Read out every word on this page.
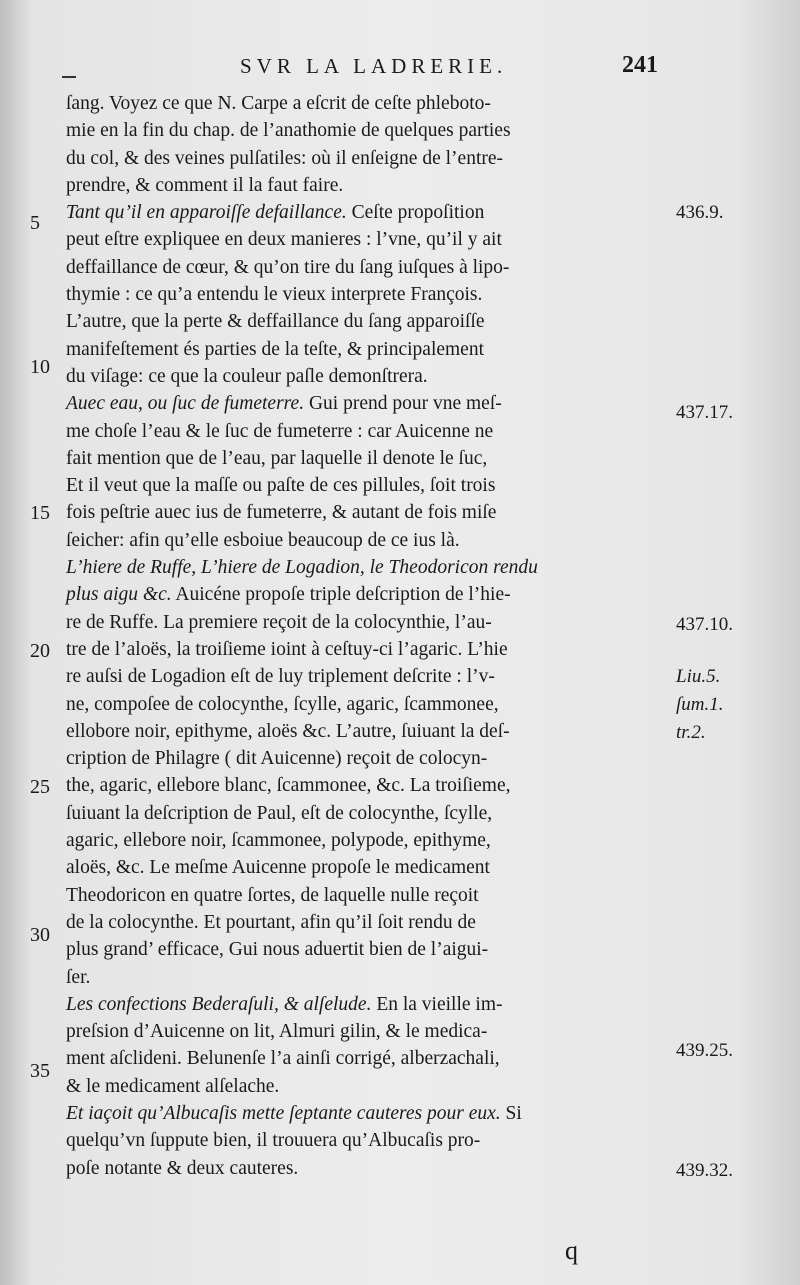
SVR LA LADRERIE.	241
ſang. Voyez ce que N. Carpe a eſcrit de ceſte phleboto-
mie en la fin du chap. de l’anathomie de quelques parties
du col, & des veines pulſatiles: où il enſeigne de l’entre-
prendre, & comment il la faut faire.
Tant qu’il en apparoiſſe defaillance. Ceſte propoſition
peut eſtre expliquee en deux manieres : l’vne, qu’il y ait
deffaillance de cœur, & qu’on tire du ſang iuſques à lipo-
thymie : ce qu’a entendu le vieux interprete François.
L’autre, que la perte & deffaillance du ſang apparoiſſe
manifeſtement és parties de la teſte, & principalement
du viſage: ce que la couleur paſle demonſtrera.
Auec eau, ou ſuc de fumeterre. Gui prend pour vne meſ-
me choſe l’eau & le ſuc de fumeterre : car Auicenne ne
fait mention que de l’eau, par laquelle il denote le ſuc,
Et il veut que la maſſe ou paſte de ces pillules, ſoit trois
fois peſtrie auec ius de fumeterre, & autant de fois miſe
ſeicher: afin qu’elle esboiue beaucoup de ce ius là.
L’hiere de Ruffe, L’hiere de Logadion, le Theodoricon rendu
plus aigu &c. Auicéne propoſe triple deſcription de l’hie-
re de Ruffe. La premiere reçoit de la colocynthie, l’au-
tre de l’aloës, la troiſieme ioint à ceſtuy-ci l’agaric. L’hie
re auſsi de Logadion eſt de luy triplement deſcrite : l’v-
ne, compoſee de colocynthe, ſcylle, agaric, ſcammonee,
ellobore noir, epithyme, aloës &c. L’autre, ſuiuant la deſ-
cription de Philagre ( dit Auicenne) reçoit de colocyn-
the, agaric, ellebore blanc, ſcammonee, &c. La troiſieme,
ſuiuant la deſcription de Paul, eſt de colocynthe, ſcylle,
agaric, ellebore noir, ſcammonee, polypode, epithyme,
aloës, &c. Le meſme Auicenne propoſe le medicament
Theodoricon en quatre ſortes, de laquelle nulle reçoit
de la colocynthe. Et pourtant, afin qu’il ſoit rendu de
plus grand’ efficace, Gui nous aduertit bien de l’aigui-
ſer.
Les confections Bederaſuli, & alſelude. En la vieille im-
preſsion d’Auicenne on lit, Almuri gilin, & le medica-
ment aſclideni. Belunenſe l’a ainſi corrigé, alberzachali,
& le medicament alſelache.
Et iaçoit qu’Albucaſis mette ſeptante cauteres pour eux. Si
quelqu’vn ſuppute bien, il trouuera qu’Albucaſis pro-
poſe notante & deux cauteres.
5
10
15
20
25
30
35
436.9.
437.17.
437.10.
Liu.5.
ſum.1.
tr.2.
439.25.
439.32.
q
